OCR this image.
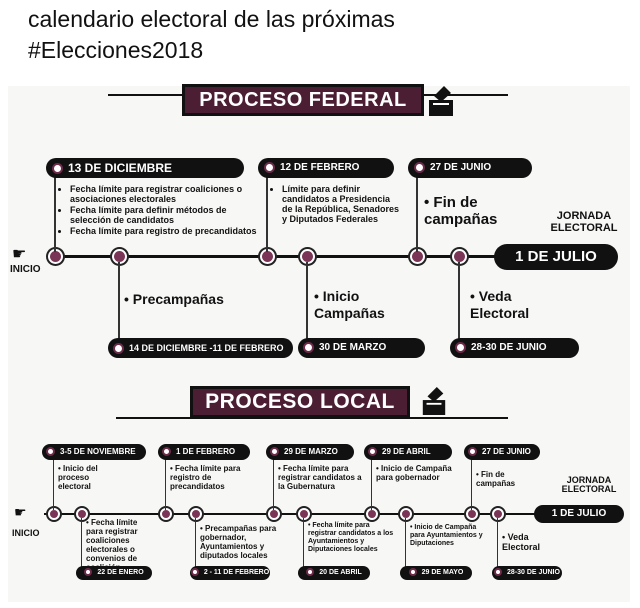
calendario electoral de las próximas
#Elecciones2018
PROCESO FEDERAL
☛
INICIO
13 DE DICIEMBRE	12 DE FEBRERO	27 DE JUNIO
• Fecha límite para registrar coaliciones o asociaciones electorales
• Fecha límite para definir métodos de selección de candidatos
• Fecha límite para registro de precandidatos
• Límite para definir candidatos a Presidencia de la República, Senadores y Diputados Federales
• Fin de campañas	JORNADA ELECTORAL
1 DE JULIO
• Precampañas	• Inicio Campañas
• Veda Electoral
14 DE DICIEMBRE -11 DE FEBRERO	30 DE MARZO	28-30 DE JUNIO
PROCESO LOCAL
☛
INICIO
3-5 DE NOVIEMBRE	1 DE FEBRERO	29 DE MARZO	29 DE ABRIL	27 DE JUNIO
• Inicio del proceso electoral
• Fecha límite para registro de precandidatos
• Fecha límite para registrar candidatos a la Gubernatura
• Inicio de Campaña para gobernador	• Fin de campañas	JORNADA ELECTORAL
1 DE JULIO
• Fecha límite para registrar coaliciones electorales o convenios de
• Precampañas para gobernador, Ayuntamientos y diputados locales
• Fecha límite para registrar candidatos a los Ayuntamientos y Diputaciones locales
• Inicio de Campaña para Ayuntamientos y Diputaciones
• Veda Electoral
22 DE ENERO	2 - 11 DE FEBRERO	20 DE ABRIL	29 DE MAYO	28-30 DE JUNIO
